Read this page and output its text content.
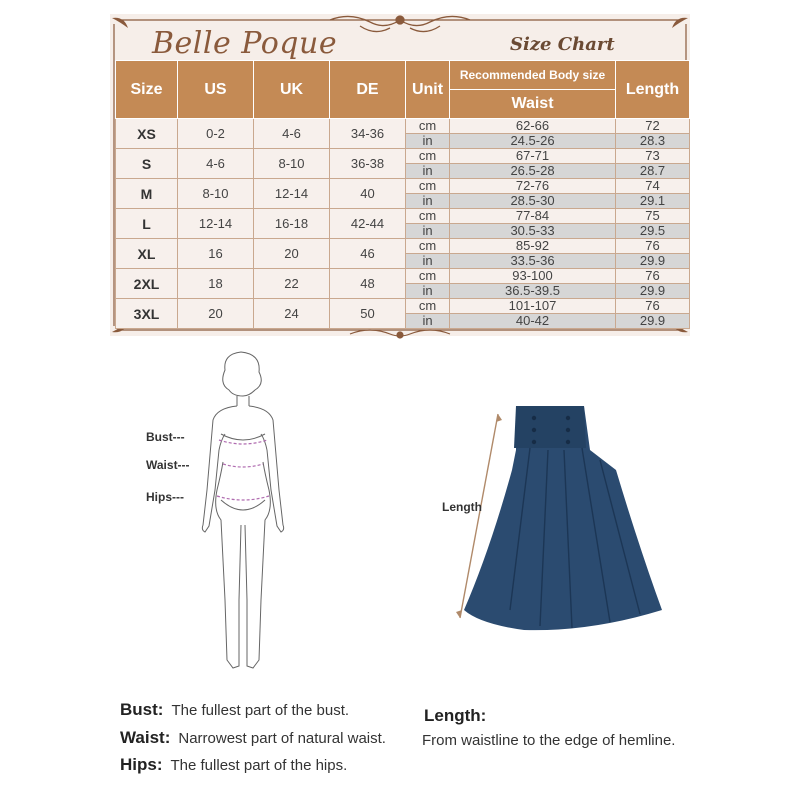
Belle Poque	Size Chart
Size	US	UK	DE	Unit	Recommended Body size	Length
					Waist	
XS	0-2	4-6	34-36	cm	62-66	72
				in	24.5-26	28.3
S	4-6	8-10	36-38	cm	67-71	73
				in	26.5-28	28.7
M	8-10	12-14	40	cm	72-76	74
				in	28.5-30	29.1
L	12-14	16-18	42-44	cm	77-84	75
				in	30.5-33	29.5
XL	16	20	46	cm	85-92	76
				in	33.5-36	29.9
2XL	18	22	48	cm	93-100	76
				in	36.5-39.5	29.9
3XL	20	24	50	cm	101-107	76
				in	40-42	29.9
Bust---
Waist---
Hips---
Length
Bust: The fullest part of the bust.
Waist: Narrowest part of natural waist.
Hips: The fullest part of the hips.
Length:
From waistline to the edge of hemline.
